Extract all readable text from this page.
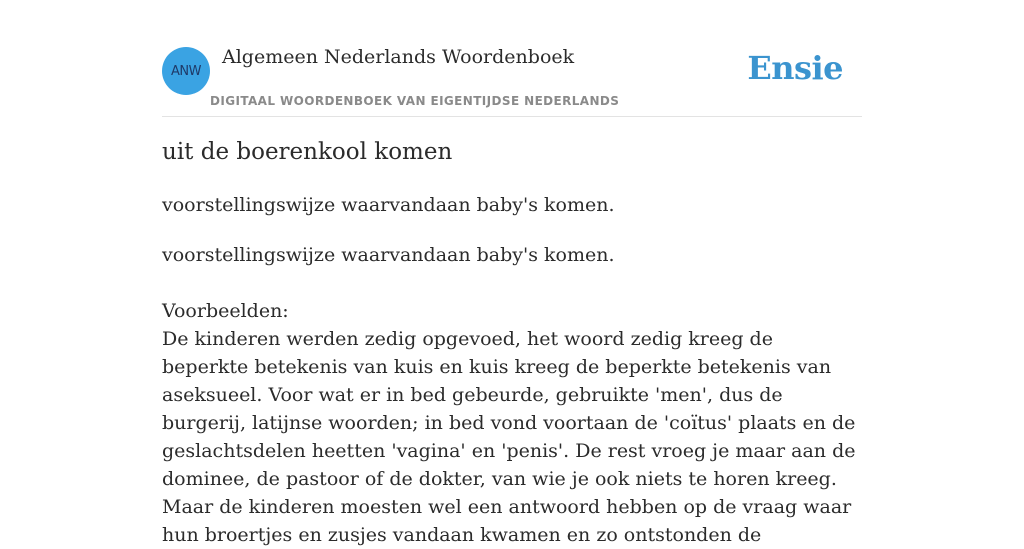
ANW
Algemeen Nederlands Woordenboek
DIGITAAL WOORDENBOEK VAN EIGENTIJDSE NEDERLANDS
Ensie
uit de boerenkool komen
voorstellingswijze waarvandaan baby's komen.

voorstellingswijze waarvandaan baby's komen.

Voorbeelden:

De kinderen werden zedig opgevoed, het woord zedig kreeg de beperkte betekenis van kuis en kuis kreeg de beperkte betekenis van aseksueel. Voor wat er in bed gebeurde, gebruikte 'men', dus de burgerij, latijnse woorden; in bed vond voortaan de 'coïtus' plaats en de geslachtsdelen heetten 'vagina' en 'penis'. De rest vroeg je maar aan de dominee, de pastoor of de dokter, van wie je ook niets te horen kreeg. Maar de kinderen moesten wel een antwoord hebben op de vraag waar hun broertjes en zusjes vandaan kwamen en zo ontstonden de
